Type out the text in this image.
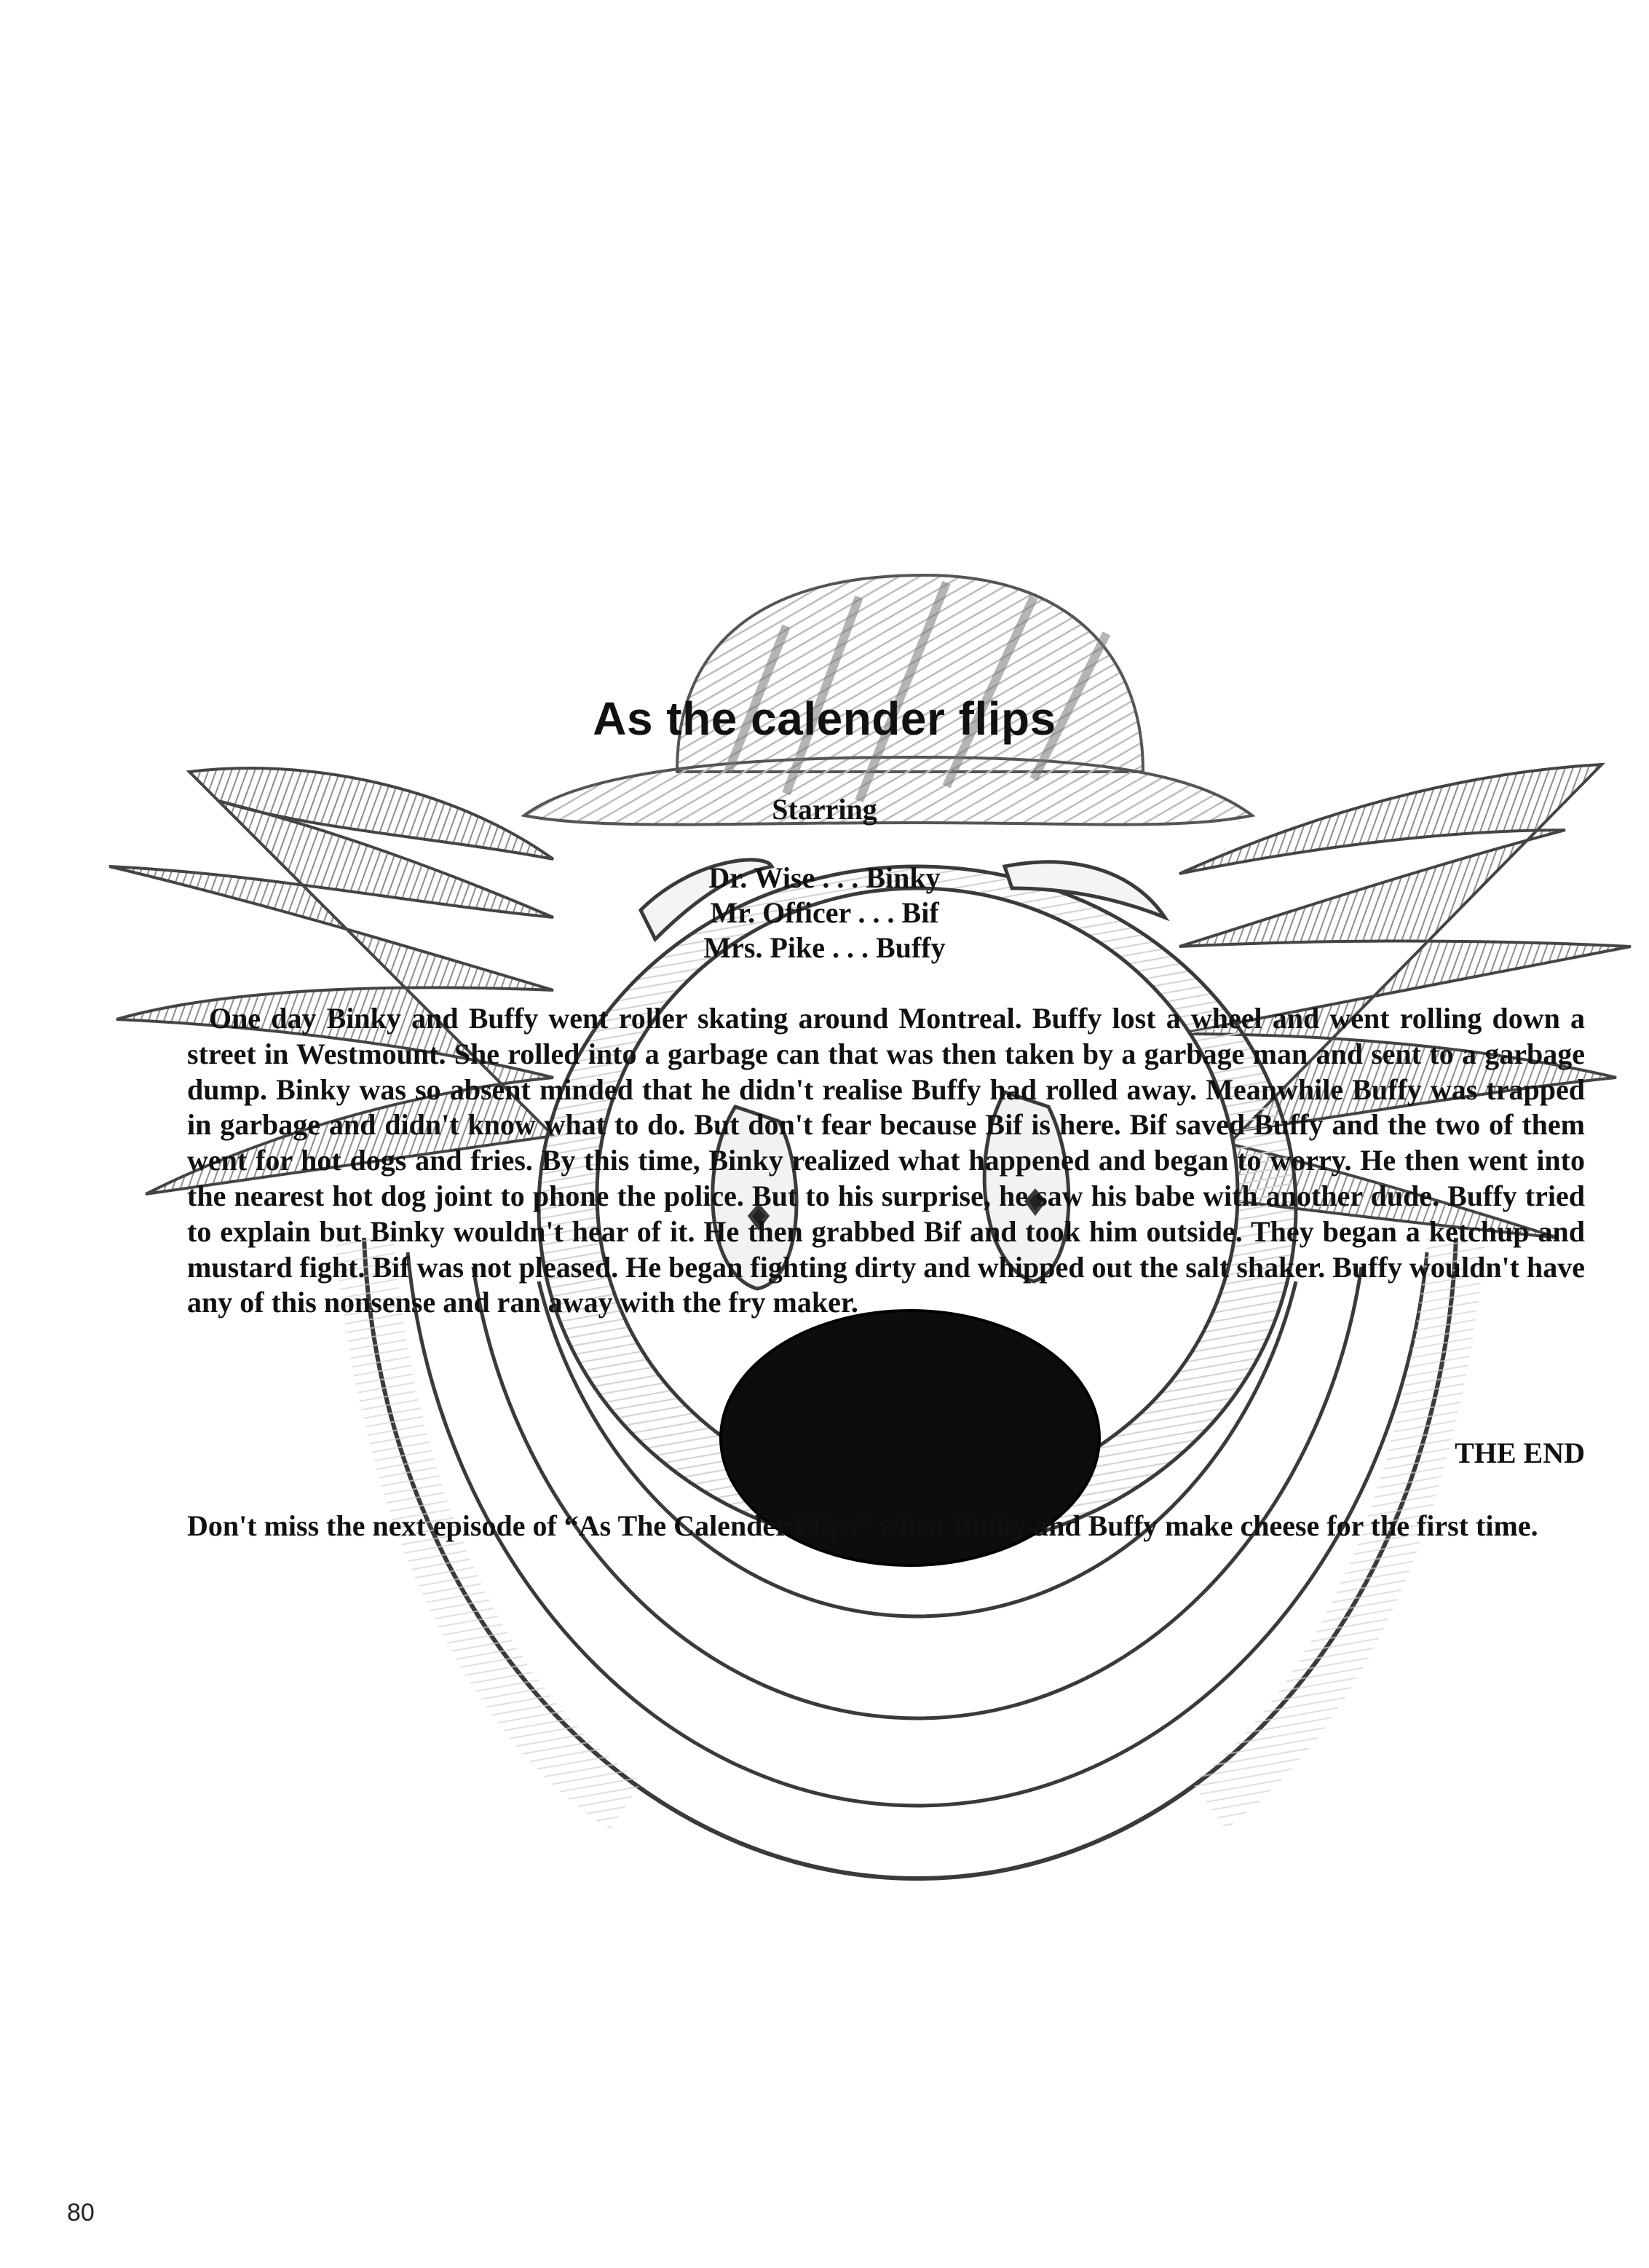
As the calender flips
Starring
Dr. Wise . . . Binky
Mr. Officer . . . Bif
Mrs. Pike . . . Buffy

One day Binky and Buffy went roller skating around Montreal. Buffy lost a wheel and went rolling down a street in Westmount. She rolled into a garbage can that was then taken by a garbage man and sent to a garbage dump. Binky was so absent minded that he didn't realise Buffy had rolled away. Meanwhile Buffy was trapped in garbage and didn't know what to do. But don't fear because Bif is here. Bif saved Buffy and the two of them went for hot dogs and fries. By this time, Binky realized what happened and began to worry. He then went into the nearest hot dog joint to phone the police. But to his surprise, he saw his babe with another dude. Buffy tried to explain but Binky wouldn't hear of it. He then grabbed Bif and took him outside. They began a ketchup and mustard fight. Bif was not pleased. He began fighting dirty and whipped out the salt shaker. Buffy wouldn't have any of this nonsense and ran away with the fry maker.

THE END

Don't miss the next episode of “As The Calender Flips” when Binky and Buffy make cheese for the first time.

80
